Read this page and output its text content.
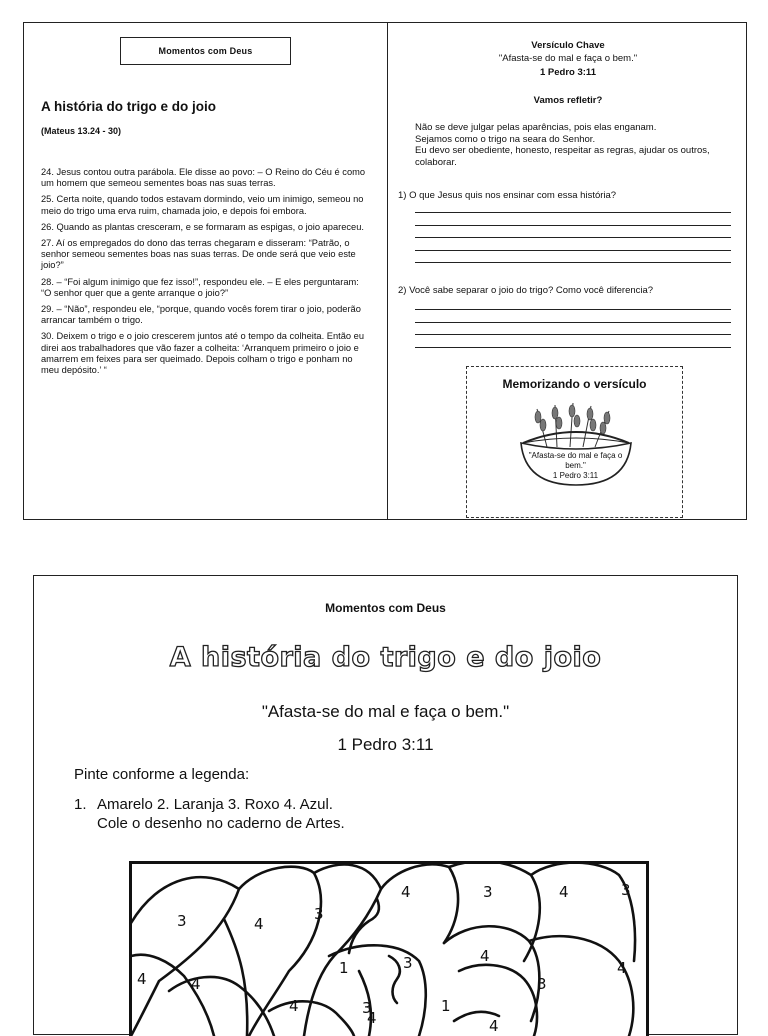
Momentos com Deus
A história do trigo e do joio
(Mateus 13.24 - 30)

24. Jesus contou outra parábola. Ele disse ao povo: – O Reino do Céu é como um homem que semeou sementes boas nas suas terras.

25. Certa noite, quando todos estavam dormindo, veio um inimigo, semeou no meio do trigo uma erva ruim, chamada joio, e depois foi embora.

26. Quando as plantas cresceram, e se formaram as espigas, o joio apareceu.

27. Aí os empregados do dono das terras chegaram e disseram: “Patrão, o senhor semeou sementes boas nas suas terras. De onde será que veio este joio?”

28. – “Foi algum inimigo que fez isso!”, respondeu ele. – E eles perguntaram: “O senhor quer que a gente arranque o joio?”

29. – “Não”, respondeu ele, “porque, quando vocês forem tirar o joio, poderão arrancar também o trigo.

30. Deixem o trigo e o joio crescerem juntos até o tempo da colheita. Então eu direi aos trabalhadores que vão fazer a colheita: ‘Arranquem primeiro o joio e amarrem em feixes para ser queimado. Depois colham o trigo e ponham no meu depósito.’ “

Versículo Chave
"Afasta-se do mal e faça o bem."
1 Pedro 3:11
Vamos refletir?
Não se deve julgar pelas aparências, pois elas enganam.
Sejamos como o trigo na seara do Senhor.
Eu devo ser obediente, honesto, respeitar as regras, ajudar os outros, colaborar.
1) O que Jesus quis nos ensinar com essa história?
2) Você sabe separar o joio do trigo? Como você diferencia?
Memorizando o versículo
"Afasta-se do mal e faça o bem."
1 Pedro 3:11
Momentos com Deus
A história do trigo e do joio
"Afasta-se do mal e faça o bem."
1 Pedro 3:11
Pinte conforme a legenda:
1. Amarelo 2. Laranja 3. Roxo 4. Azul.
Cole o desenho no caderno de Artes.
3	4
3
4	3	4	3
1	3	4
4
4	4
4	3	1
3
4	4
